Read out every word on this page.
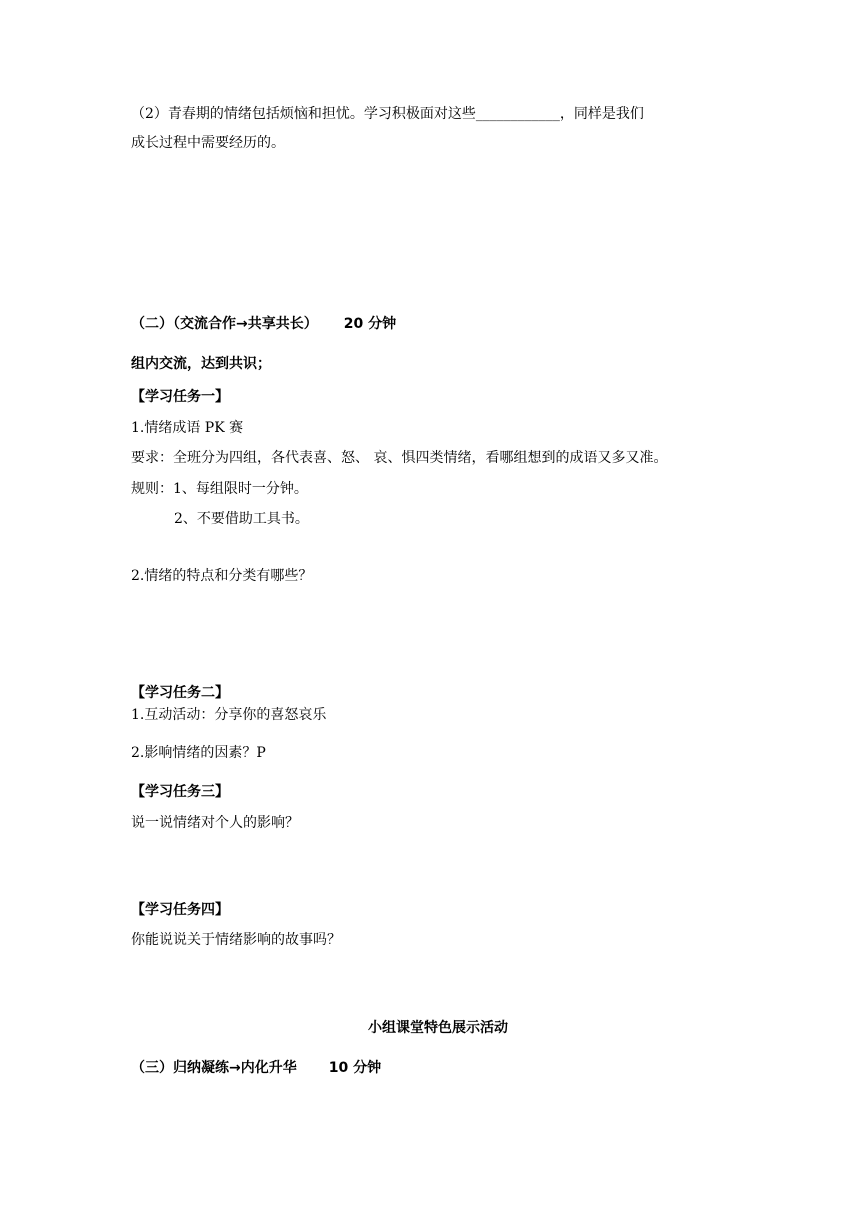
（2）青春期的情绪包括烦恼和担忧。学习积极面对这些____________，同样是我们
成长过程中需要经历的。
（二）（交流合作→共享共长） 20 分钟
组内交流，达到共识；
【学习任务一】
1.情绪成语 PK 赛
要求：全班分为四组，各代表喜、怒、 哀、惧四类情绪，看哪组想到的成语又多又准。
规则：1、每组限时一分钟。
2、不要借助工具书。
2.情绪的特点和分类有哪些？
【学习任务二】
1.互动活动：分享你的喜怒哀乐
2.影响情绪的因素？P
【学习任务三】
说一说情绪对个人的影响？
【学习任务四】
你能说说关于情绪影响的故事吗？
小组课堂特色展示活动
（三）归纳凝练→内化升华 10 分钟
